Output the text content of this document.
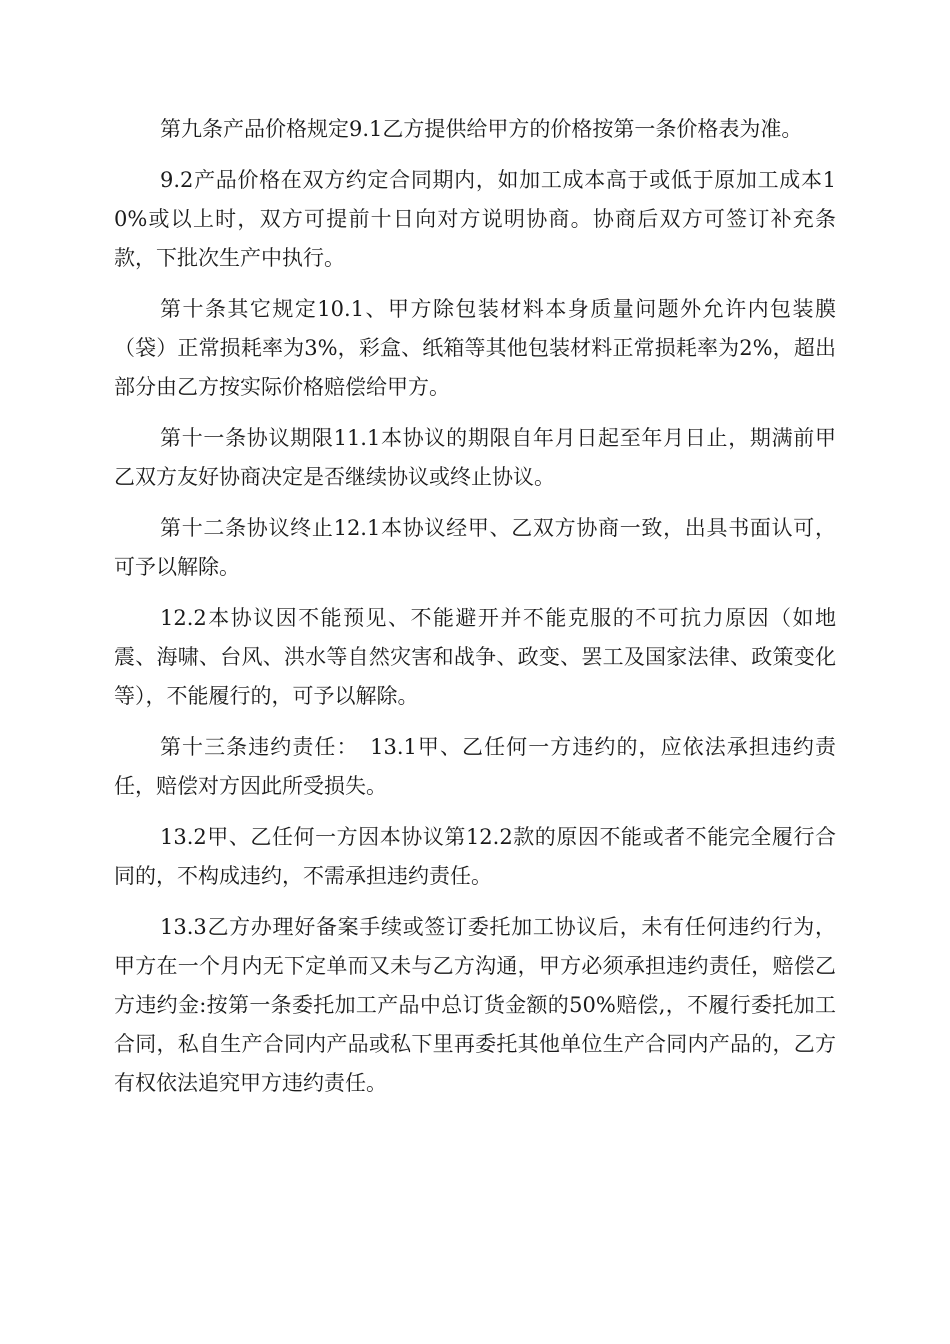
第九条产品价格规定9.1乙方提供给甲方的价格按第一条价格表为准。

9.2产品价格在双方约定合同期内，如加工成本高于或低于原加工成本10%或以上时，双方可提前十日向对方说明协商。协商后双方可签订补充条款，下批次生产中执行。

第十条其它规定10.1、甲方除包装材料本身质量问题外允许内包装膜（袋）正常损耗率为3%，彩盒、纸箱等其他包装材料正常损耗率为2%，超出部分由乙方按实际价格赔偿给甲方。

第十一条协议期限11.1本协议的期限自年月日起至年月日止，期满前甲乙双方友好协商决定是否继续协议或终止协议。

第十二条协议终止12.1本协议经甲、乙双方协商一致，出具书面认可，可予以解除。

12.2本协议因不能预见、不能避开并不能克服的不可抗力原因（如地震、海啸、台风、洪水等自然灾害和战争、政变、罢工及国家法律、政策变化等），不能履行的，可予以解除。

第十三条违约责任：　13.1甲、乙任何一方违约的，应依法承担违约责任，赔偿对方因此所受损失。

13.2甲、乙任何一方因本协议第12.2款的原因不能或者不能完全履行合同的，不构成违约，不需承担违约责任。

13.3乙方办理好备案手续或签订委托加工协议后，未有任何违约行为，甲方在一个月内无下定单而又未与乙方沟通，甲方必须承担违约责任，赔偿乙方违约金:按第一条委托加工产品中总订货金额的50%赔偿,，不履行委托加工合同，私自生产合同内产品或私下里再委托其他单位生产合同内产品的，乙方有权依法追究甲方违约责任。
